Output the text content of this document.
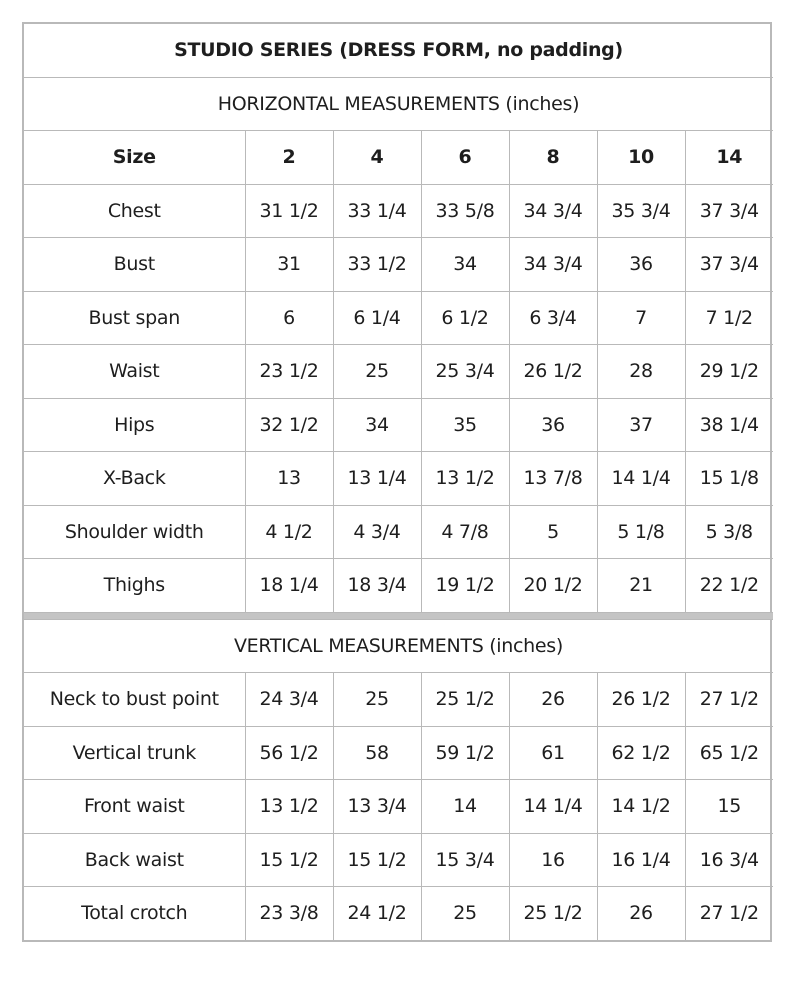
STUDIO SERIES (DRESS FORM, no padding)						
HORIZONTAL MEASUREMENTS (inches)						
Size	2	4	6	8	10	14
Chest	31 1/2	33 1/4	33 5/8	34 3/4	35 3/4	37 3/4
Bust	31	33 1/2	34	34 3/4	36	37 3/4
Bust span	6	6 1/4	6 1/2	6 3/4	7	7 1/2
Waist	23 1/2	25	25 3/4	26 1/2	28	29 1/2
Hips	32 1/2	34	35	36	37	38 1/4
X-Back	13	13 1/4	13 1/2	13 7/8	14 1/4	15 1/8
Shoulder width	4 1/2	4 3/4	4 7/8	5	5 1/8	5 3/8
Thighs	18 1/4	18 3/4	19 1/2	20 1/2	21	22 1/2

VERTICAL MEASUREMENTS (inches)						
Neck to bust point	24 3/4	25	25 1/2	26	26 1/2	27 1/2
Vertical trunk	56 1/2	58	59 1/2	61	62 1/2	65 1/2
Front waist	13 1/2	13 3/4	14	14 1/4	14 1/2	15
Back waist	15 1/2	15 1/2	15 3/4	16	16 1/4	16 3/4
Total crotch	23 3/8	24 1/2	25	25 1/2	26	27 1/2
